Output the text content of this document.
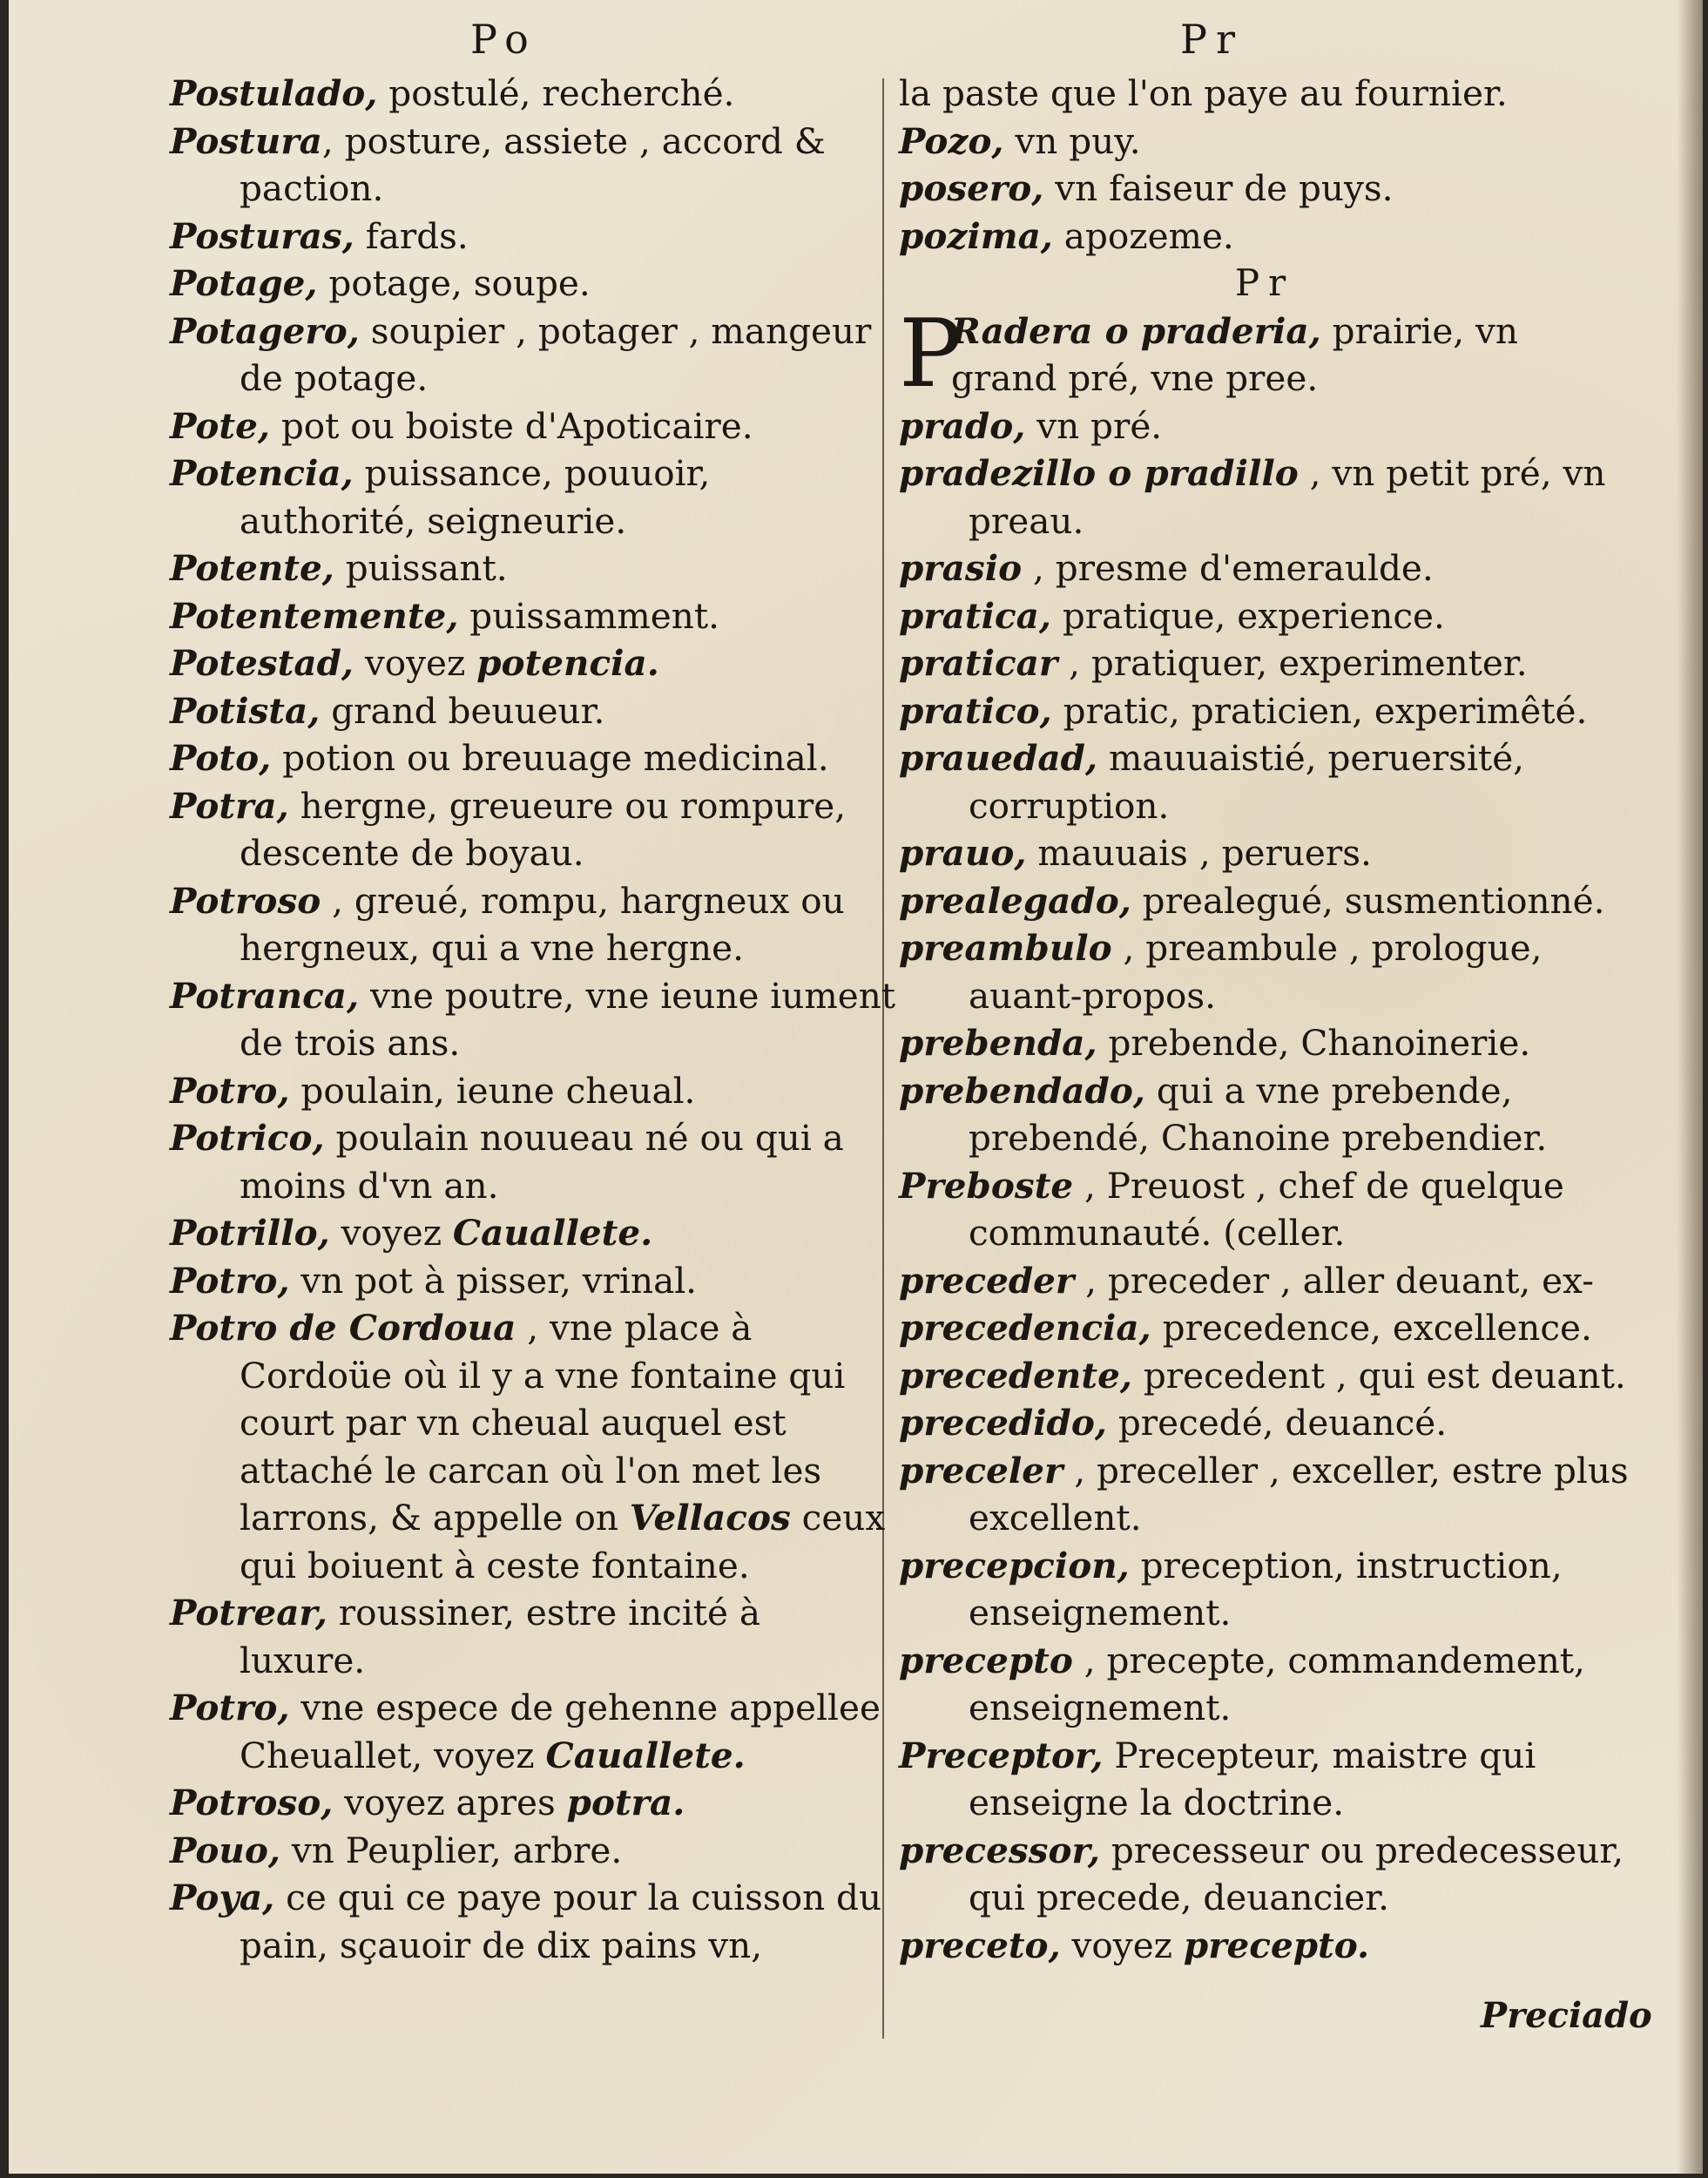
Po	Pr

Postulado, postulé, recherché.

Postura, posture, assiete , accord & paction.

Posturas, fards.

Potage, potage, soupe.

Potagero, soupier , potager , mangeur de potage.

Pote, pot ou boiste d'Apoticaire.

Potencia, puissance, pouuoir, authorité, seigneurie.

Potente, puissant.

Potentemente, puissamment.

Potestad, voyez potencia.

Potista, grand beuueur.

Poto, potion ou breuuage medicinal.

Potra, hergne, greueure ou rompure, descente de boyau.

Potroso , greué, rompu, hargneux ou hergneux, qui a vne hergne.

Potranca, vne poutre, vne ieune iument de trois ans.

Potro, poulain, ieune cheual.

Potrico, poulain nouueau né ou qui a moins d'vn an.

Potrillo, voyez Cauallete.

Potro, vn pot à pisser, vrinal.

Potro de Cordoua , vne place à Cordoüe où il y a vne fontaine qui court par vn cheual auquel est attaché le carcan où l'on met les larrons, & appelle on Vellacos ceux qui boiuent à ceste fontaine.

Potrear, roussiner, estre incité à luxure.

Potro, vne espece de gehenne appellee Cheuallet, voyez Cauallete.

Potroso, voyez apres potra.

Pouo, vn Peuplier, arbre.

Poya, ce qui ce paye pour la cuisson du pain, sçauoir de dix pains vn,

la paste que l'on paye au fournier.

Pozo, vn puy.

posero, vn faiseur de puys.

pozima, apozeme.

Pr

P
Radera o praderia, prairie, vn grand pré, vne pree.

prado, vn pré.

pradezillo o pradillo , vn petit pré, vn preau.

prasio , presme d'emeraulde.

pratica, pratique, experience.

praticar , pratiquer, experimenter.

pratico, pratic, praticien, experimêté.

prauedad, mauuaistié, peruersité, corruption.

prauo, mauuais , peruers.

prealegado, prealegué, susmentionné.

preambulo , preambule , prologue, auant-propos.

prebenda, prebende, Chanoinerie.

prebendado, qui a vne prebende, prebendé, Chanoine prebendier.

Preboste , Preuost , chef de quelque communauté. (celler.

preceder , preceder , aller deuant, ex-

precedencia, precedence, excellence.

precedente, precedent , qui est deuant.

precedido, precedé, deuancé.

preceler , preceller , exceller, estre plus excellent.

precepcion, preception, instruction, enseignement.

precepto , precepte, commandement, enseignement.

Preceptor, Precepteur, maistre qui enseigne la doctrine.

precessor, precesseur ou predecesseur, qui precede, deuancier.

preceto, voyez precepto.

Preciado
